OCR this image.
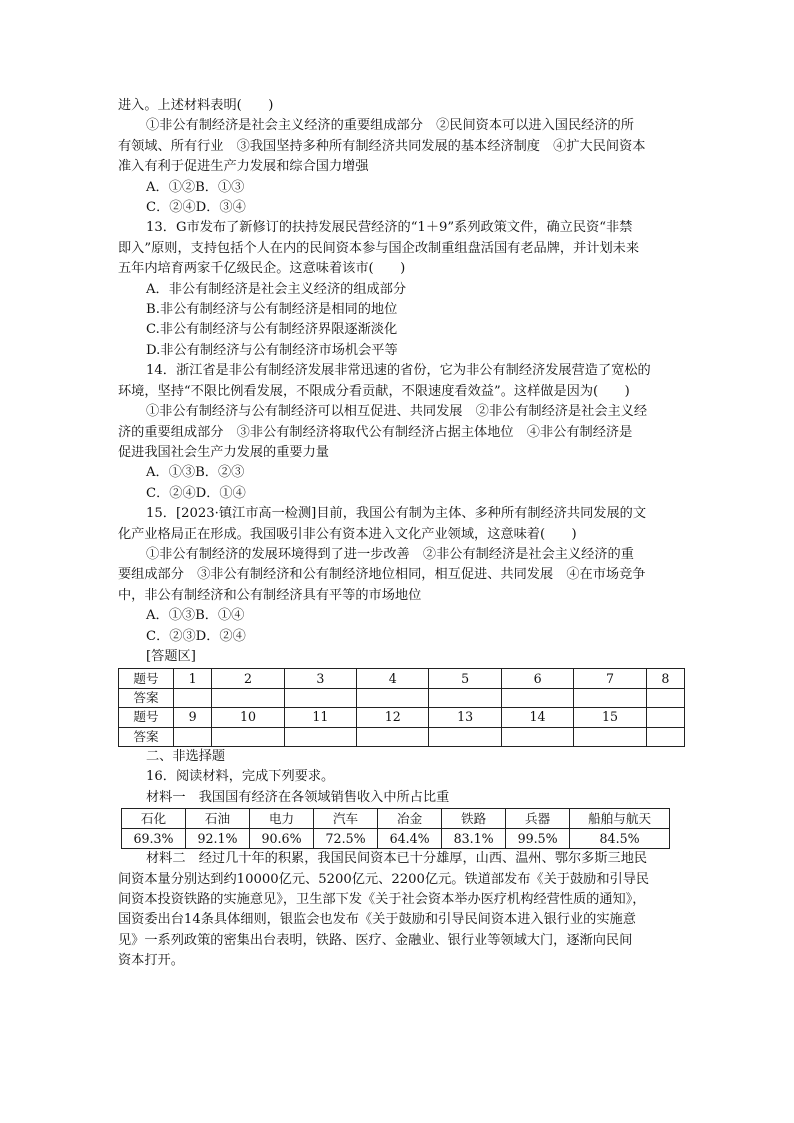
进入。上述材料表明(　　)
①非公有制经济是社会主义经济的重要组成部分　②民间资本可以进入国民经济的所
有领域、所有行业　③我国坚持多种所有制经济共同发展的基本经济制度　④扩大民间资本
准入有利于促进生产力发展和综合国力增强
A．①②B．①③
C．②④D．③④
13．G市发布了新修订的扶持发展民营经济的“1＋9”系列政策文件，确立民资“非禁
即入”原则，支持包括个人在内的民间资本参与国企改制重组盘活国有老品牌，并计划未来
五年内培育两家千亿级民企。这意味着该市(　　)
A．非公有制经济是社会主义经济的组成部分
B.非公有制经济与公有制经济是相同的地位
C.非公有制经济与公有制经济界限逐渐淡化
D.非公有制经济与公有制经济市场机会平等
14．浙江省是非公有制经济发展非常迅速的省份，它为非公有制经济发展营造了宽松的
环境，坚持“不限比例看发展，不限成分看贡献，不限速度看效益”。这样做是因为(　　)
①非公有制经济与公有制经济可以相互促进、共同发展　②非公有制经济是社会主义经
济的重要组成部分　③非公有制经济将取代公有制经济占据主体地位　④非公有制经济是
促进我国社会生产力发展的重要力量
A．①③B．②③
C．②④D．①④
15．[2023·镇江市高一检测]目前，我国公有制为主体、多种所有制经济共同发展的文
化产业格局正在形成。我国吸引非公有资本进入文化产业领域，这意味着(　　)
①非公有制经济的发展环境得到了进一步改善　②非公有制经济是社会主义经济的重
要组成部分　③非公有制经济和公有制经济地位相同，相互促进、共同发展　④在市场竞争
中，非公有制经济和公有制经济具有平等的市场地位
A．①③B．①④
C．②③D．②④
[答题区]
题号	1	2	3	4	5	6	7	8
答案								
题号	9	10	11	12	13	14	15	
答案								
二、非选择题
16．阅读材料，完成下列要求。
材料一　我国国有经济在各领域销售收入中所占比重
石化	石油	电力	汽车	冶金	铁路	兵器	船舶与航天
69.3%	92.1%	90.6%	72.5%	64.4%	83.1%	99.5%	84.5%
材料二　经过几十年的积累，我国民间资本已十分雄厚，山西、温州、鄂尔多斯三地民
间资本量分别达到约10000亿元、5200亿元、2200亿元。铁道部发布《关于鼓励和引导民
间资本投资铁路的实施意见》，卫生部下发《关于社会资本举办医疗机构经营性质的通知》，
国资委出台14条具体细则，银监会也发布《关于鼓励和引导民间资本进入银行业的实施意
见》一系列政策的密集出台表明，铁路、医疗、金融业、银行业等领域大门，逐渐向民间
资本打开。
